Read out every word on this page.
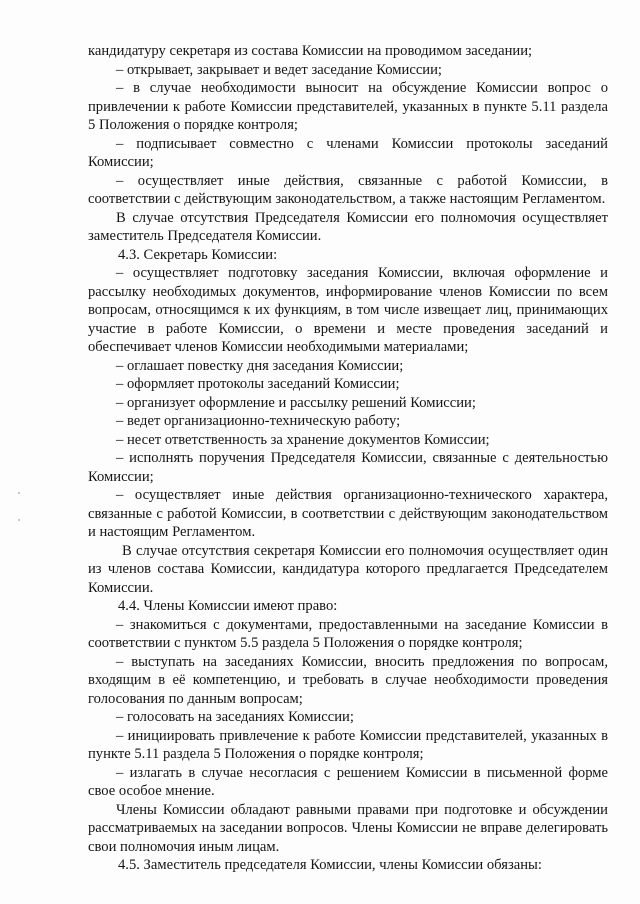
кандидатуру секретаря из состава Комиссии на проводимом заседании;

– открывает, закрывает и ведет заседание Комиссии;

– в случае необходимости выносит на обсуждение Комиссии вопрос о привлечении к работе Комиссии представителей, указанных в пункте 5.11 раздела 5 Положения о порядке контроля;

– подписывает совместно с членами Комиссии протоколы заседаний Комиссии;

– осуществляет иные действия, связанные с работой Комиссии, в соответствии с действующим законодательством, а также настоящим Регламентом.

В случае отсутствия Председателя Комиссии его полномочия осуществляет заместитель Председателя Комиссии.

4.3. Секретарь Комиссии:

– осуществляет подготовку заседания Комиссии, включая оформление и рассылку необходимых документов, информирование членов Комиссии по всем вопросам, относящимся к их функциям, в том числе извещает лиц, принимающих участие в работе Комиссии, о времени и месте проведения заседаний и обеспечивает членов Комиссии необходимыми материалами;

– оглашает повестку дня заседания Комиссии;

– оформляет протоколы заседаний Комиссии;

– организует оформление и рассылку решений Комиссии;

– ведет организационно-техническую работу;

– несет ответственность за хранение документов Комиссии;

– исполнять поручения Председателя Комиссии, связанные с деятельностью Комиссии;

– осуществляет иные действия организационно-технического характера, связанные с работой Комиссии, в соответствии с действующим законодательством и настоящим Регламентом.

В случае отсутствия секретаря Комиссии его полномочия осуществляет один из членов состава Комиссии, кандидатура которого предлагается Председателем Комиссии.

4.4. Члены Комиссии имеют право:

– знакомиться с документами, предоставленными на заседание Комиссии в соответствии с пунктом 5.5 раздела 5 Положения о порядке контроля;

– выступать на заседаниях Комиссии, вносить предложения по вопросам, входящим в её компетенцию, и требовать в случае необходимости проведения голосования по данным вопросам;

– голосовать на заседаниях Комиссии;

– инициировать привлечение к работе Комиссии представителей, указанных в пункте 5.11 раздела 5 Положения о порядке контроля;

– излагать в случае несогласия с решением Комиссии в письменной форме свое особое мнение.

Члены Комиссии обладают равными правами при подготовке и обсуждении рассматриваемых на заседании вопросов. Члены Комиссии не вправе делегировать свои полномочия иным лицам.

4.5. Заместитель председателя Комиссии, члены Комиссии обязаны:
